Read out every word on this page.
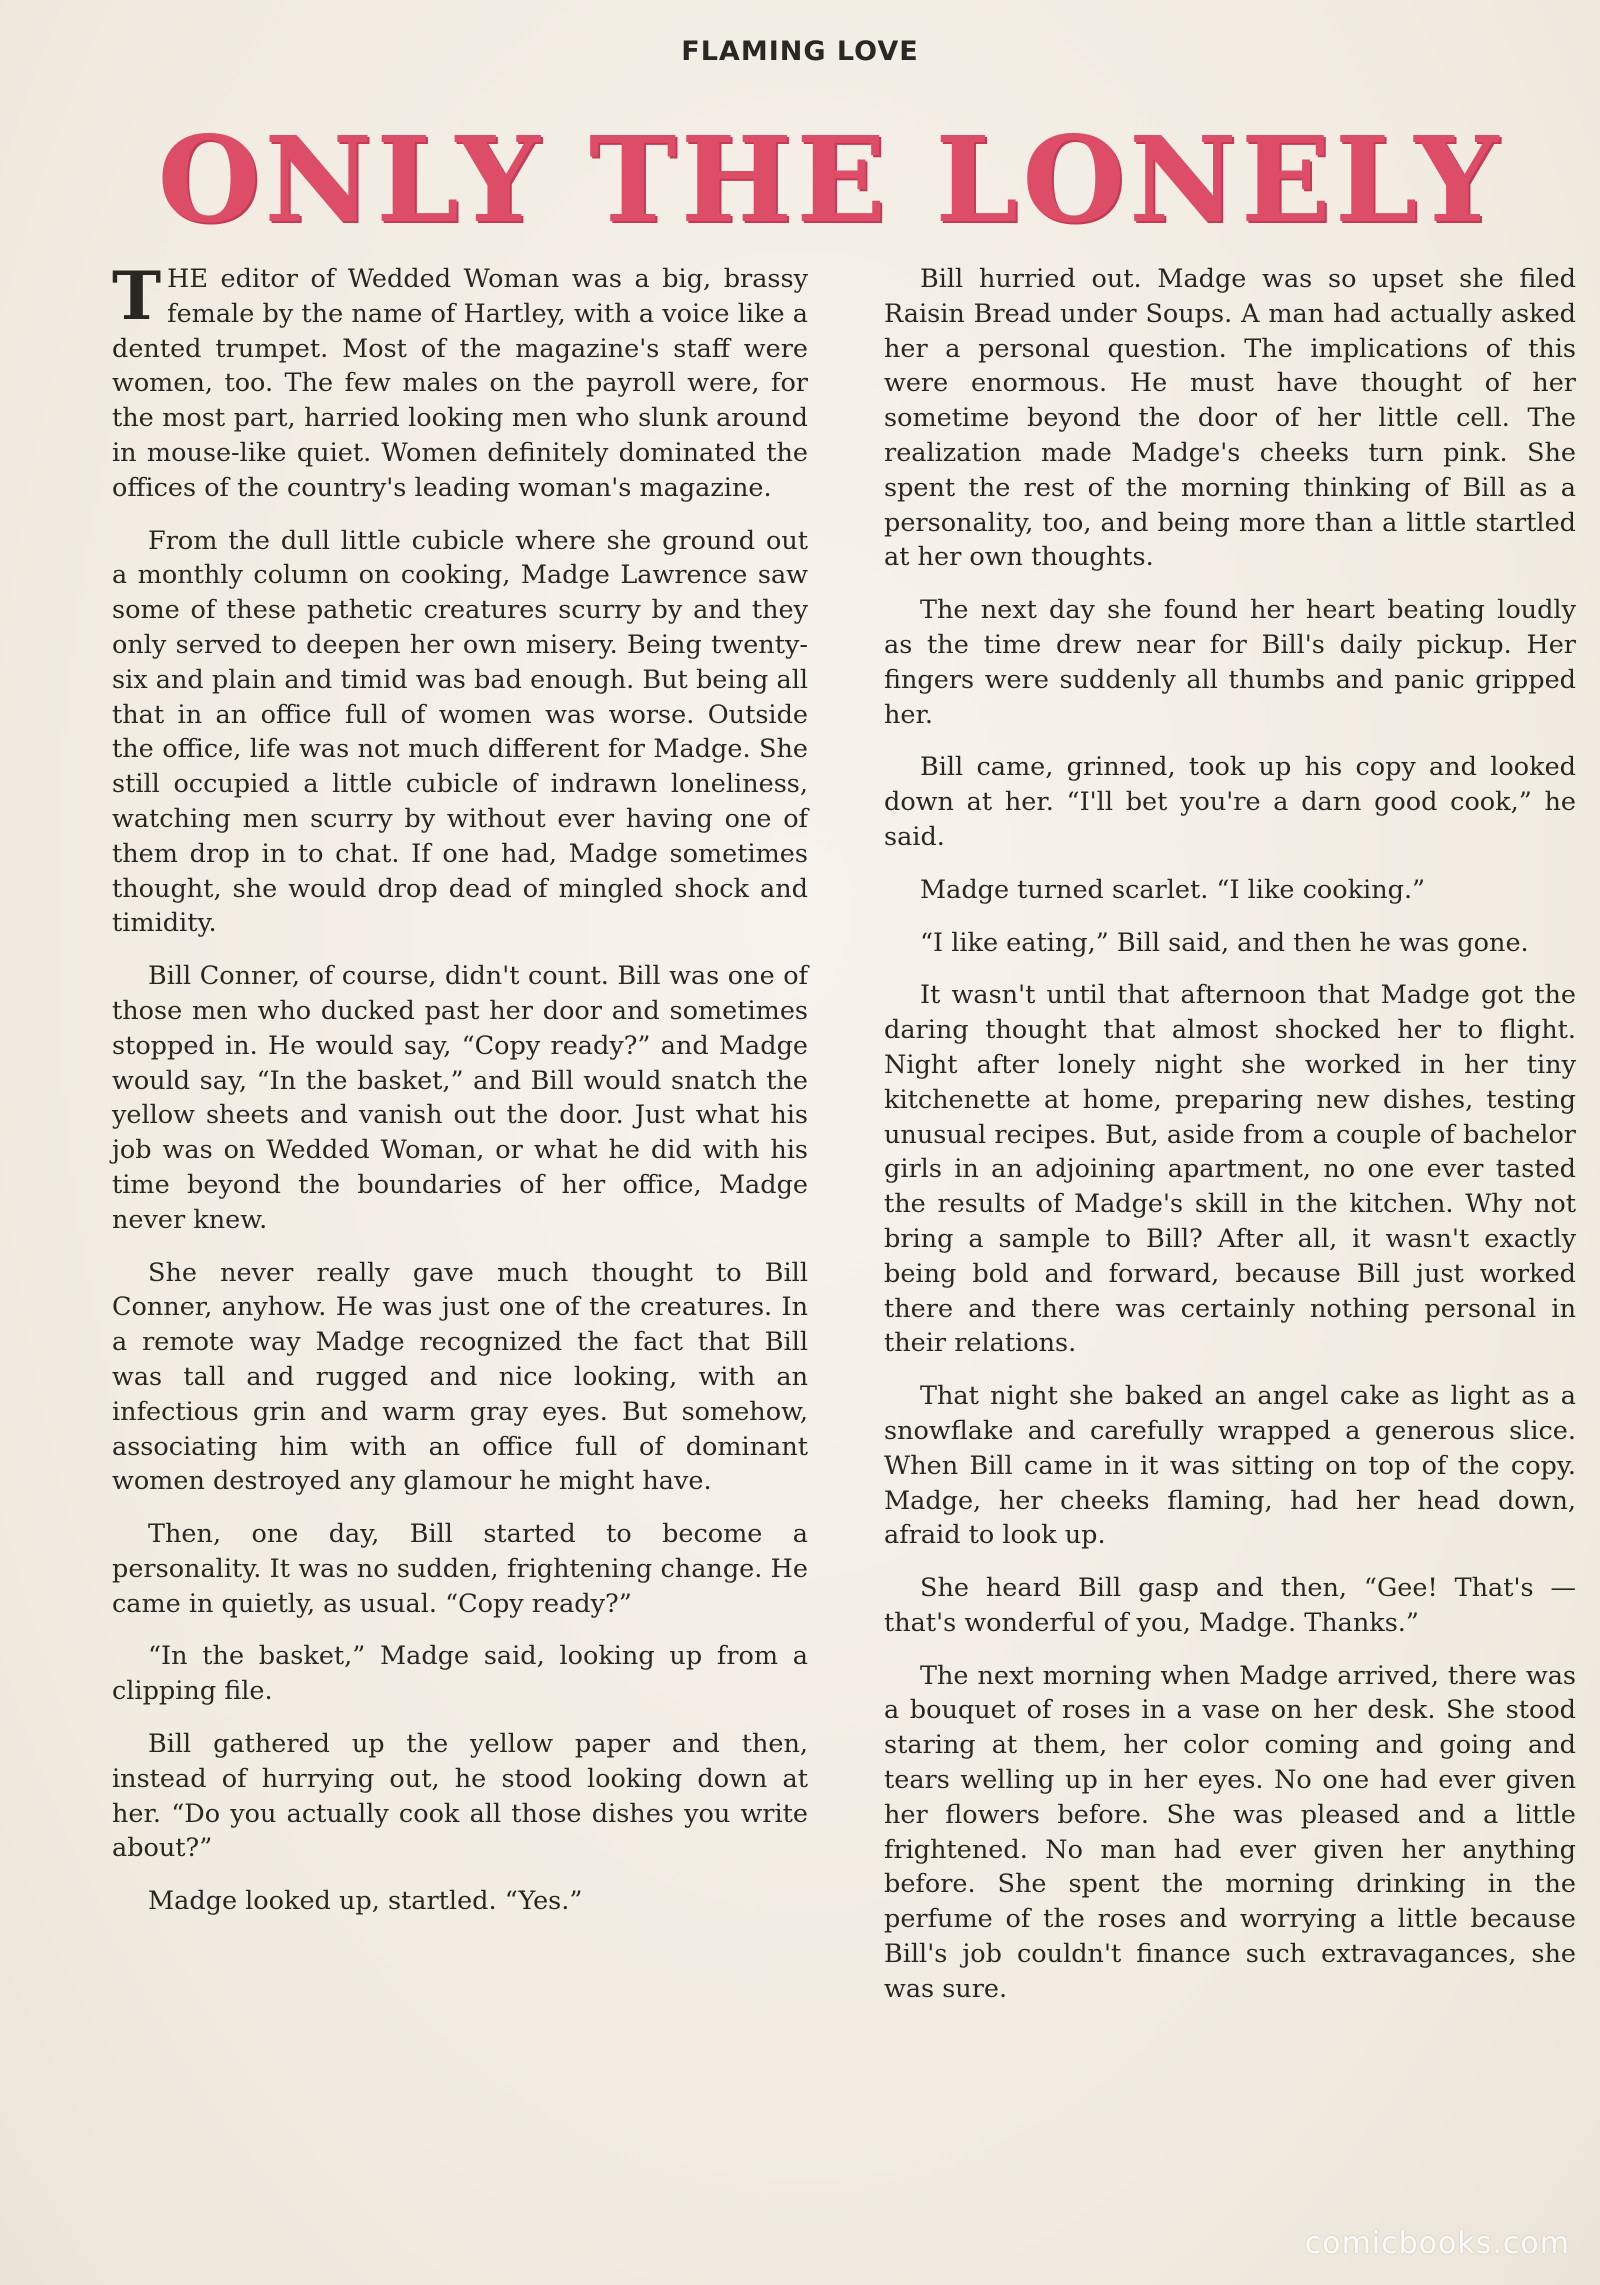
FLAMING LOVE
ONLY THE LONELY

THE editor of Wedded Woman was a big, brassy female by the name of Hartley, with a voice like a dented trumpet. Most of the magazine's staff were women, too. The few males on the payroll were, for the most part, harried looking men who slunk around in mouse-like quiet. Women definitely dominated the offices of the country's leading woman's magazine.

From the dull little cubicle where she ground out a monthly column on cooking, Madge Lawrence saw some of these pathetic creatures scurry by and they only served to deepen her own misery. Being twenty-six and plain and timid was bad enough. But being all that in an office full of women was worse. Outside the office, life was not much different for Madge. She still occupied a little cubicle of indrawn loneliness, watching men scurry by without ever having one of them drop in to chat. If one had, Madge sometimes thought, she would drop dead of mingled shock and timidity.

Bill Conner, of course, didn't count. Bill was one of those men who ducked past her door and sometimes stopped in. He would say, “Copy ready?” and Madge would say, “In the basket,” and Bill would snatch the yellow sheets and vanish out the door. Just what his job was on Wedded Woman, or what he did with his time beyond the boundaries of her office, Madge never knew.

She never really gave much thought to Bill Conner, anyhow. He was just one of the creatures. In a remote way Madge recognized the fact that Bill was tall and rugged and nice looking, with an infectious grin and warm gray eyes. But somehow, associating him with an office full of dominant women destroyed any glamour he might have.

Then, one day, Bill started to become a personality. It was no sudden, frightening change. He came in quietly, as usual. “Copy ready?”

“In the basket,” Madge said, looking up from a clipping file.

Bill gathered up the yellow paper and then, instead of hurrying out, he stood looking down at her. “Do you actually cook all those dishes you write about?”

Madge looked up, startled. “Yes.”

Bill hurried out. Madge was so upset she filed Raisin Bread under Soups. A man had actually asked her a personal question. The implications of this were enormous. He must have thought of her sometime beyond the door of her little cell. The realization made Madge's cheeks turn pink. She spent the rest of the morning thinking of Bill as a personality, too, and being more than a little startled at her own thoughts.

The next day she found her heart beating loudly as the time drew near for Bill's daily pickup. Her fingers were suddenly all thumbs and panic gripped her.

Bill came, grinned, took up his copy and looked down at her. “I'll bet you're a darn good cook,” he said.

Madge turned scarlet. “I like cooking.”

“I like eating,” Bill said, and then he was gone.

It wasn't until that afternoon that Madge got the daring thought that almost shocked her to flight. Night after lonely night she worked in her tiny kitchenette at home, preparing new dishes, testing unusual recipes. But, aside from a couple of bachelor girls in an adjoining apartment, no one ever tasted the results of Madge's skill in the kitchen. Why not bring a sample to Bill? After all, it wasn't exactly being bold and forward, because Bill just worked there and there was certainly nothing personal in their relations.

That night she baked an angel cake as light as a snowflake and carefully wrapped a generous slice. When Bill came in it was sitting on top of the copy. Madge, her cheeks flaming, had her head down, afraid to look up.

She heard Bill gasp and then, “Gee! That's —that's wonderful of you, Madge. Thanks.”

The next morning when Madge arrived, there was a bouquet of roses in a vase on her desk. She stood staring at them, her color coming and going and tears welling up in her eyes. No one had ever given her flowers before. She was pleased and a little frightened. No man had ever given her anything before. She spent the morning drinking in the perfume of the roses and worrying a little because Bill's job couldn't finance such extravagances, she was sure.

comicbooks.com
